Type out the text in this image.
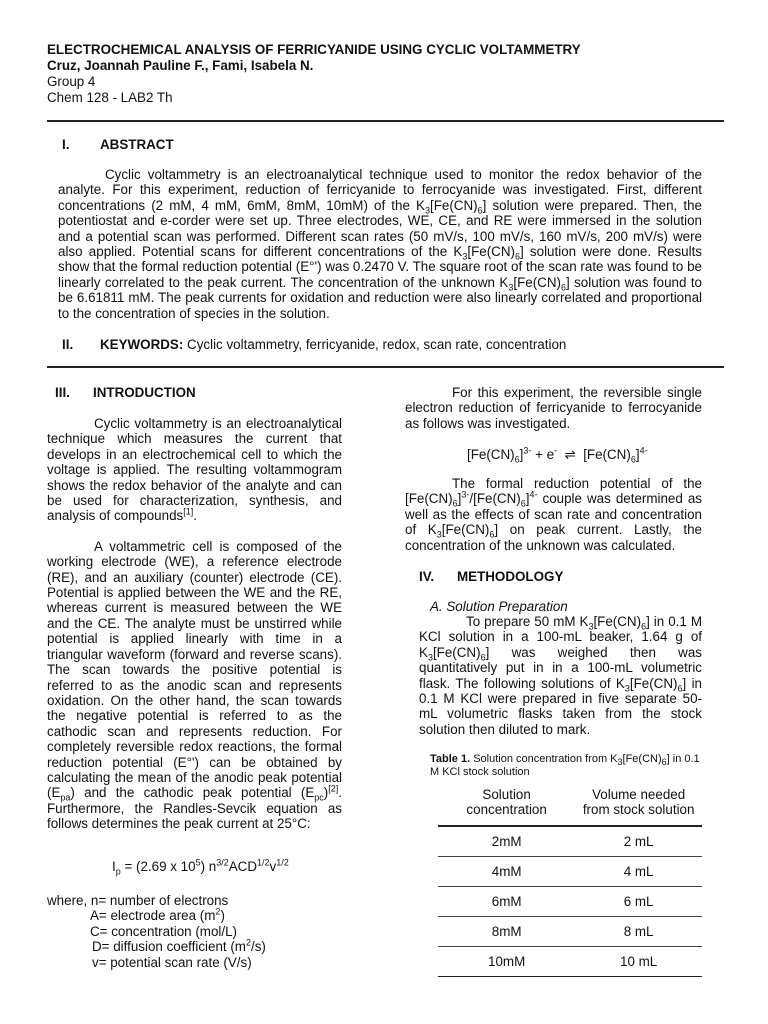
ELECTROCHEMICAL ANALYSIS OF FERRICYANIDE USING CYCLIC VOLTAMMETRY
Cruz, Joannah Pauline F., Fami, Isabela N.
Group 4
Chem 128 - LAB2 Th
I. ABSTRACT

Cyclic voltammetry is an electroanalytical technique used to monitor the redox behavior of the analyte. For this experiment, reduction of ferricyanide to ferrocyanide was investigated. First, different concentrations (2 mM, 4 mM, 6mM, 8mM, 10mM) of the $K_3[Fe(CN)_6]$ solution were prepared. Then, the potentiostat and e-corder were set up. Three electrodes, WE, CE, and RE were immersed in the solution and a potential scan was performed. Different scan rates (50 mV/s, 100 mV/s, 160 mV/s, 200 mV/s) were also applied. Potential scans for different concentrations of the $K_3[Fe(CN)_6]$ solution were done. Results show that the formal reduction potential (E°') was 0.2470 V. The square root of the scan rate was found to be linearly correlated to the peak current. The concentration of the unknown $K_3[Fe(CN)_6]$ solution was found to be 6.61811 mM. The peak currents for oxidation and reduction were also linearly correlated and proportional to the concentration of species in the solution.

II. KEYWORDS: Cyclic voltammetry, ferricyanide, redox, scan rate, concentration
III. INTRODUCTION

Cyclic voltammetry is an electroanalytical technique which measures the current that develops in an electrochemical cell to which the voltage is applied. The resulting voltammogram shows the redox behavior of the analyte and can be used for characterization, synthesis, and analysis of compounds[1].

A voltammetric cell is composed of the working electrode (WE), a reference electrode (RE), and an auxiliary (counter) electrode (CE). Potential is applied between the WE and the RE, whereas current is measured between the WE and the CE. The analyte must be unstirred while potential is applied linearly with time in a triangular waveform (forward and reverse scans). The scan towards the positive potential is referred to as the anodic scan and represents oxidation. On the other hand, the scan towards the negative potential is referred to as the cathodic scan and represents reduction. For completely reversible redox reactions, the formal reduction potential (E°') can be obtained by calculating the mean of the anodic peak potential $(E_{pa})$ and the cathodic peak potential $(E_{pc})[2]$. Furthermore, the Randles-Sevcik equation as follows determines the peak current at 25°C:

$I_p = (2.69$ x $10^5$) $n^{3/2}ACD^{1/2}v^{1/2}$
where, n= number of electrons
A= electrode area $(m^2)$
C= concentration (mol/L)
D= diffusion coefficient $(m^2/s)$
v= potential scan rate (V/s)

For this experiment, the reversible single electron reduction of ferricyanide to ferrocyanide as follows was investigated.

$[Fe(CN)_6]^{3-} + e^-$  ⇌  $[Fe(CN)_6]^{4-}$

The formal reduction potential of the $[Fe(CN)_6]^{3-}/[Fe(CN)_6]^{4-}$ couple was determined as well as the effects of scan rate and concentration of $K_3[Fe(CN)_6]$ on peak current. Lastly, the concentration of the unknown was calculated.

IV. METHODOLOGY
A. Solution Preparation

To prepare 50 mM $K_3[Fe(CN)_6]$ in 0.1 M KCl solution in a 100-mL beaker, 1.64 g of $K_3[Fe(CN)_6]$ was weighed then was quantitatively put in in a 100-mL volumetric flask. The following solutions of $K_3[Fe(CN)_6]$ in 0.1 M KCl were prepared in five separate 50-mL volumetric flasks taken from the stock solution then diluted to mark.

Table 1. Solution concentration from $K_3[Fe(CN)_6]$ in 0.1 M KCl stock solution
Solution concentration	Volume needed from stock solution
2mM	2 mL
4mM	4 mL
6mM	6 mL
8mM	8 mL
10mM	10 mL
